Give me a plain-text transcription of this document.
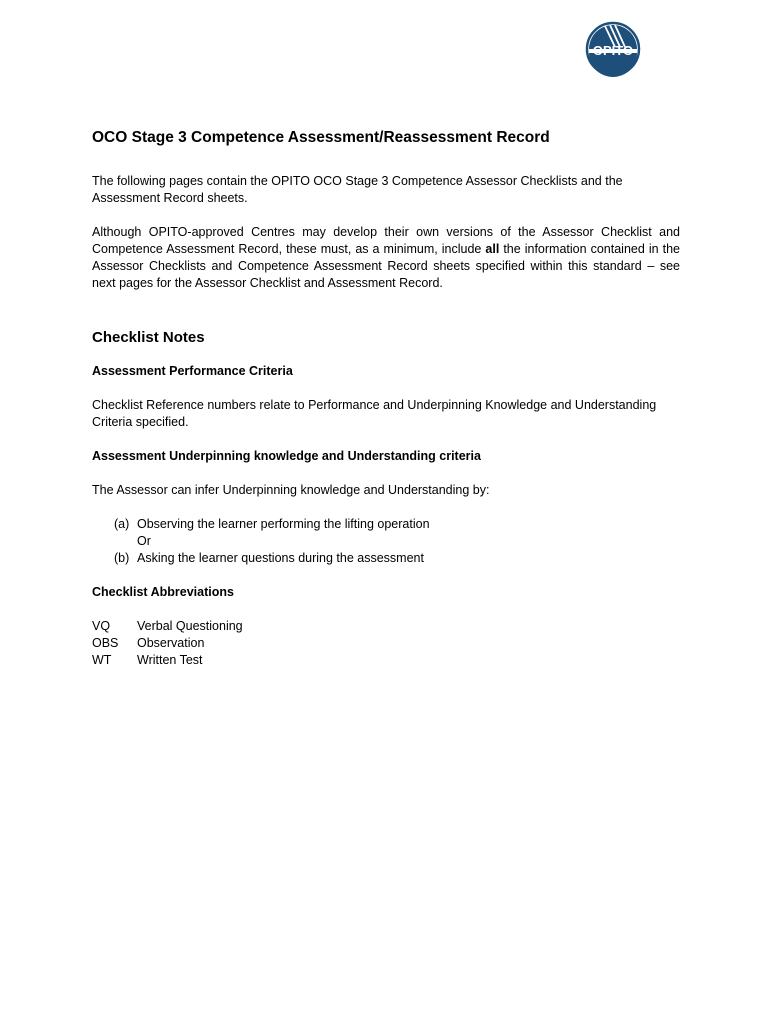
OPITO
OCO Stage 3 Competence Assessment/Reassessment Record

The following pages contain the OPITO OCO Stage 3 Competence Assessor Checklists and the Assessment Record sheets.

Although OPITO-approved Centres may develop their own versions of the Assessor Checklist and Competence Assessment Record, these must, as a minimum, include all the information contained in the Assessor Checklists and Competence Assessment Record sheets specified within this standard – see next pages for the Assessor Checklist and Assessment Record.

Checklist Notes
Assessment Performance Criteria

Checklist Reference numbers relate to Performance and Underpinning Knowledge and Understanding Criteria specified.

Assessment Underpinning knowledge and Understanding criteria

The Assessor can infer Underpinning knowledge and Understanding by:

(a) Observing the learner performing the lifting operation
Or
(b) Asking the learner questions during the assessment
Checklist Abbreviations
VQ	Verbal Questioning
OBS	Observation
WT	Written Test
